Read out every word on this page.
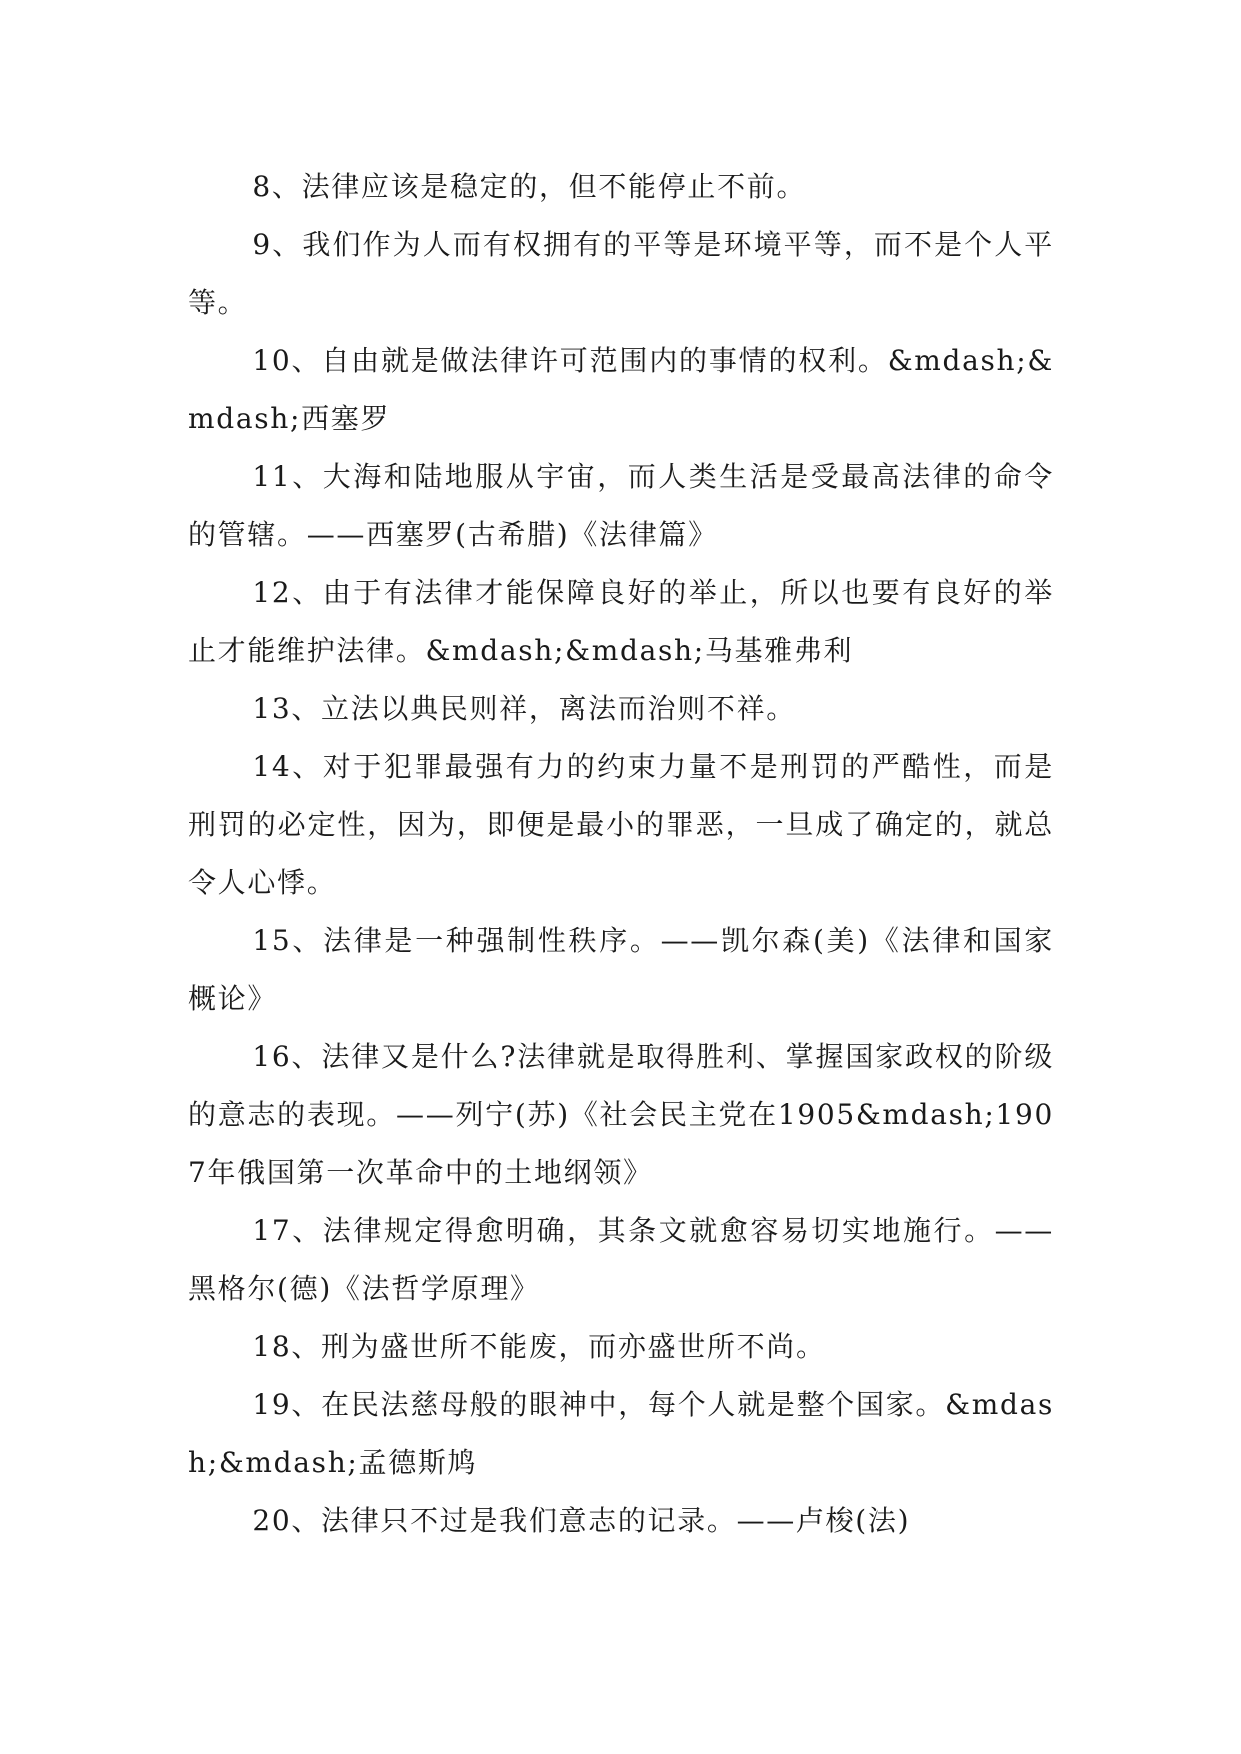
8、法律应该是稳定的，但不能停止不前。

9、我们作为人而有权拥有的平等是环境平等，而不是个人平等。

10、自由就是做法律许可范围内的事情的权利。&mdash;&mdash;西塞罗

11、大海和陆地服从宇宙，而人类生活是受最高法律的命令的管辖。——西塞罗(古希腊)《法律篇》

12、由于有法律才能保障良好的举止，所以也要有良好的举止才能维护法律。&mdash;&mdash;马基雅弗利

13、立法以典民则祥，离法而治则不祥。

14、对于犯罪最强有力的约束力量不是刑罚的严酷性，而是刑罚的必定性，因为，即便是最小的罪恶，一旦成了确定的，就总令人心悸。

15、法律是一种强制性秩序。——凯尔森(美)《法律和国家概论》

16、法律又是什么?法律就是取得胜利、掌握国家政权的阶级的意志的表现。——列宁(苏)《社会民主党在1905&mdash;1907年俄国第一次革命中的土地纲领》

17、法律规定得愈明确，其条文就愈容易切实地施行。——黑格尔(德)《法哲学原理》

18、刑为盛世所不能废，而亦盛世所不尚。

19、在民法慈母般的眼神中，每个人就是整个国家。&mdash;&mdash;孟德斯鸠

20、法律只不过是我们意志的记录。——卢梭(法)
